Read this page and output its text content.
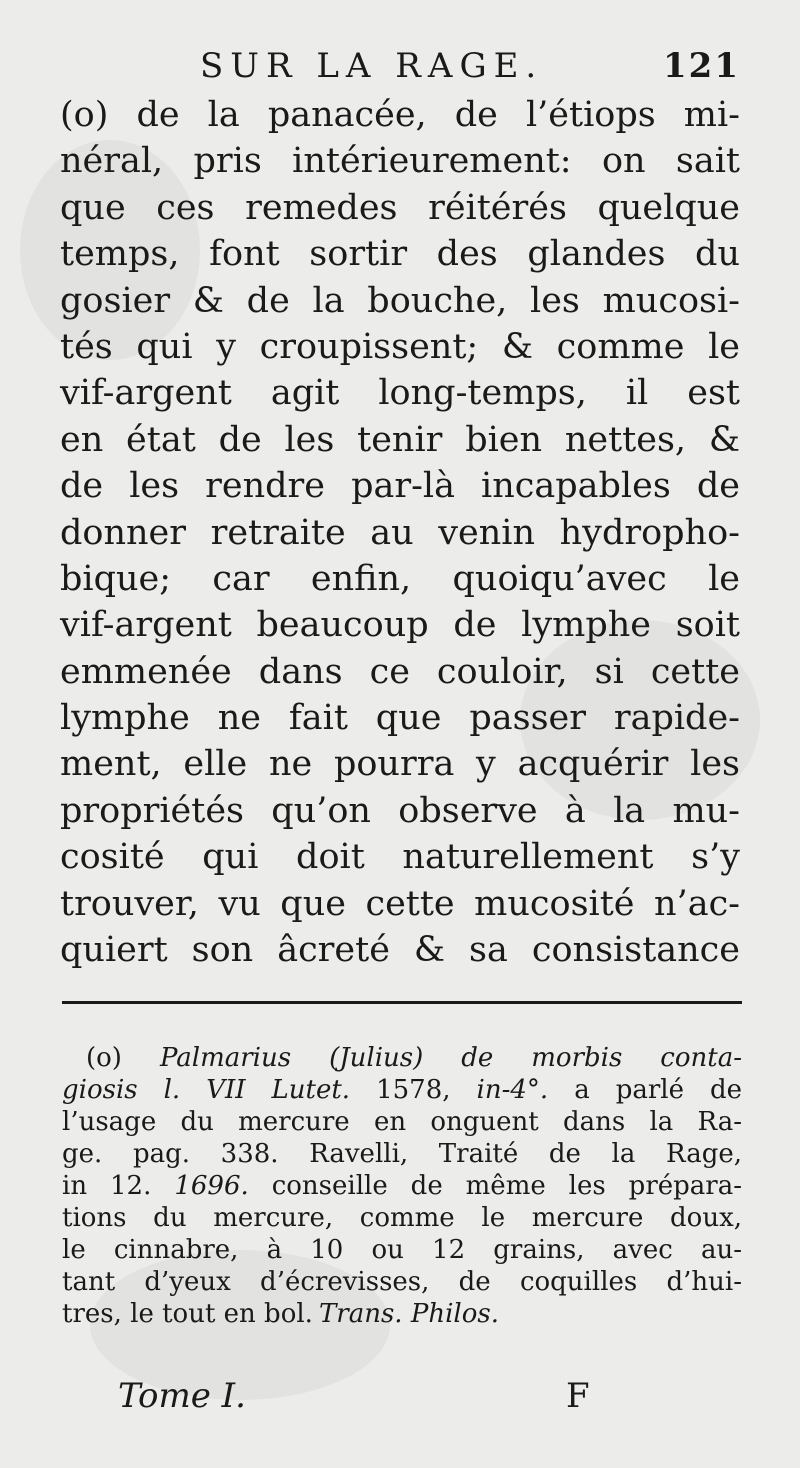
SUR LA RAGE.	121
(o) de la panacée, de l’étiops mi-
néral, pris intérieurement: on sait
que ces remedes réitérés quelque
temps, font sortir des glandes du
gosier & de la bouche, les mucosi-
tés qui y croupissent; & comme le
vif-argent agit long-temps, il est
en état de les tenir bien nettes, &
de les rendre par-là incapables de
donner retraite au venin hydropho-
bique; car enfin, quoiqu’avec le
vif-argent beaucoup de lymphe soit
emmenée dans ce couloir, si cette
lymphe ne fait que passer rapide-
ment, elle ne pourra y acquérir les
propriétés qu’on observe à la mu-
cosité qui doit naturellement s’y
trouver, vu que cette mucosité n’ac-
quiert son âcreté & sa consistance
(o) Palmarius (Julius) de morbis conta-
giosis l. VII Lutet. 1578, in-4°. a parlé de
l’usage du mercure en onguent dans la Ra-
ge. pag. 338. Ravelli, Traité de la Rage,
in 12. 1696. conseille de même les prépara-
tions du mercure, comme le mercure doux,
le cinnabre, à 10 ou 12 grains, avec au-
tant d’yeux d’écrevisses, de coquilles d’hui-
tres, le tout en bol. Trans. Philos.
Tome I.	F
